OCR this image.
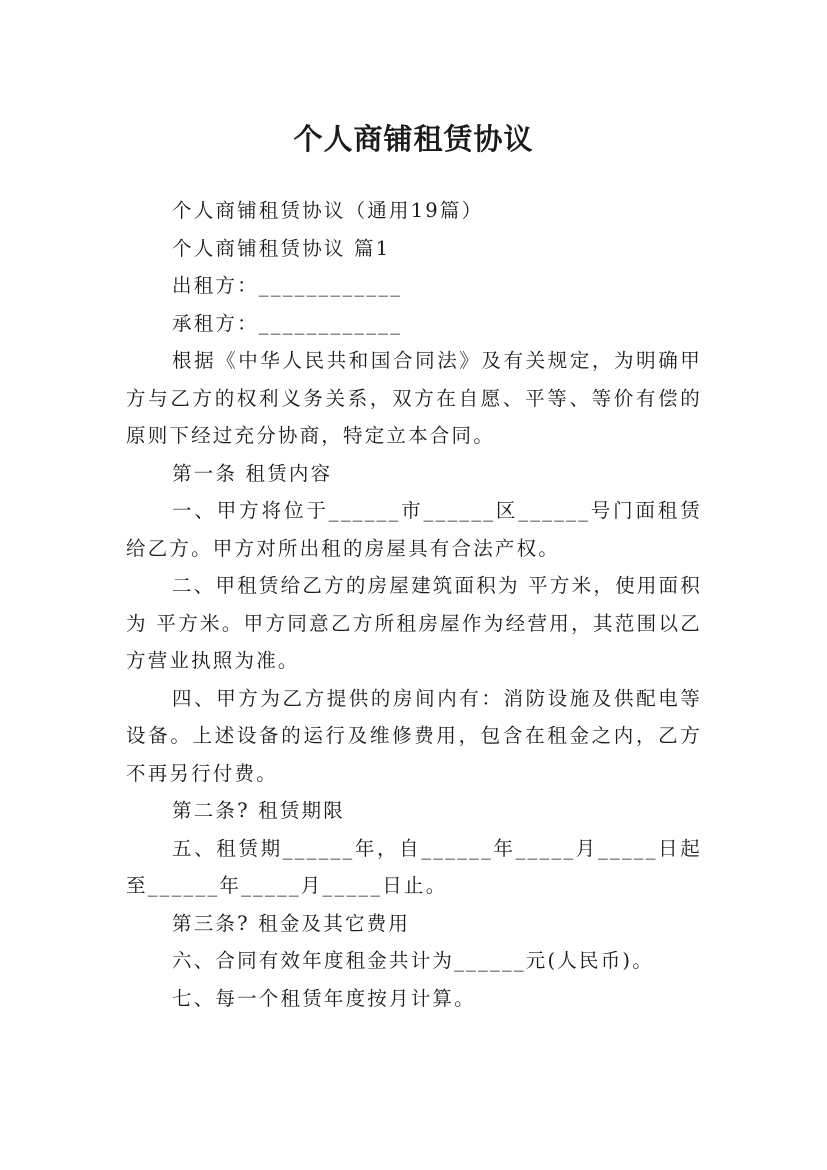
个人商铺租赁协议

个人商铺租赁协议（通用19篇）

个人商铺租赁协议 篇1

出租方：____________

承租方：____________

根据《中华人民共和国合同法》及有关规定，为明确甲方与乙方的权利义务关系，双方在自愿、平等、等价有偿的原则下经过充分协商，特定立本合同。

第一条 租赁内容

一、甲方将位于______市______区______号门面租赁给乙方。甲方对所出租的房屋具有合法产权。

二、甲租赁给乙方的房屋建筑面积为 平方米，使用面积为 平方米。甲方同意乙方所租房屋作为经营用，其范围以乙方营业执照为准。

四、甲方为乙方提供的房间内有：消防设施及供配电等设备。上述设备的运行及维修费用，包含在租金之内，乙方不再另行付费。

第二条? 租赁期限

五、租赁期______年，自______年_____月_____日起至______年_____月_____日止。

第三条? 租金及其它费用

六、合同有效年度租金共计为______元(人民币)。

七、每一个租赁年度按月计算。
